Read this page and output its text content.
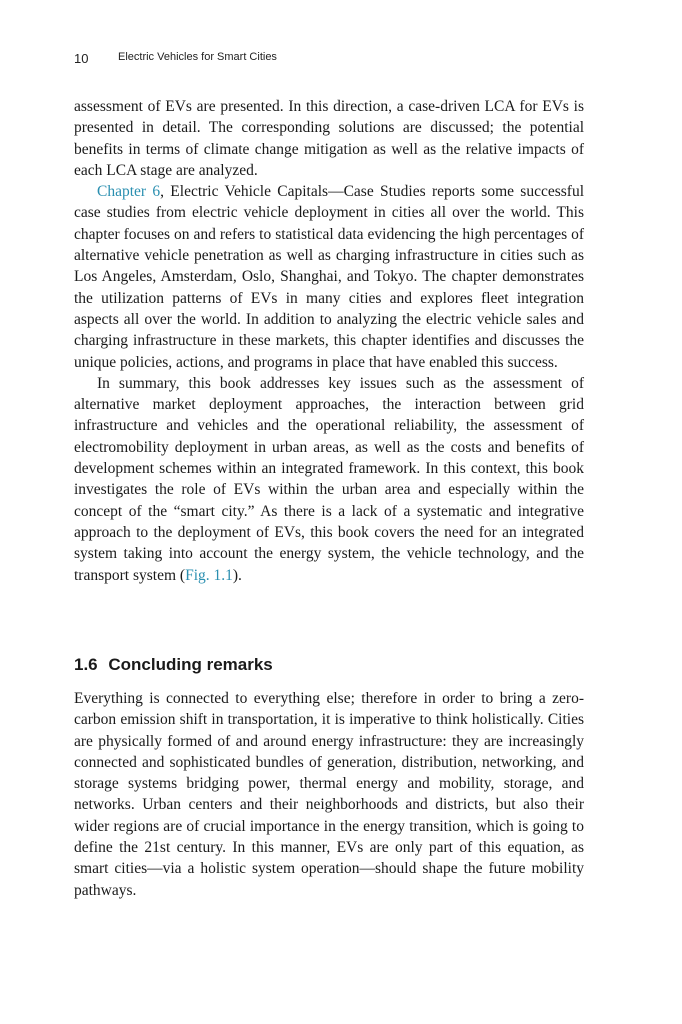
10	Electric Vehicles for Smart Cities

assessment of EVs are presented. In this direction, a case-driven LCA for EVs is presented in detail. The corresponding solutions are discussed; the potential benefits in terms of climate change mitigation as well as the relative impacts of each LCA stage are analyzed.

Chapter 6, Electric Vehicle Capitals—Case Studies reports some successful case studies from electric vehicle deployment in cities all over the world. This chapter focuses on and refers to statistical data evidencing the high percentages of alternative vehicle penetration as well as charging infrastructure in cities such as Los Angeles, Amsterdam, Oslo, Shanghai, and Tokyo. The chapter demonstrates the utilization patterns of EVs in many cities and explores fleet integration aspects all over the world. In addition to analyzing the electric vehicle sales and charging infrastructure in these markets, this chapter identifies and discusses the unique policies, actions, and programs in place that have enabled this success.

In summary, this book addresses key issues such as the assessment of alternative market deployment approaches, the interaction between grid infrastructure and vehicles and the operational reliability, the assessment of electromobility deployment in urban areas, as well as the costs and benefits of development schemes within an integrated framework. In this context, this book investigates the role of EVs within the urban area and especially within the concept of the “smart city.” As there is a lack of a systematic and integrative approach to the deployment of EVs, this book covers the need for an integrated system taking into account the energy system, the vehicle technology, and the transport system (Fig. 1.1).

1.6 Concluding remarks

Everything is connected to everything else; therefore in order to bring a zero-carbon emission shift in transportation, it is imperative to think holistically. Cities are physically formed of and around energy infrastructure: they are increasingly connected and sophisticated bundles of generation, distribution, networking, and storage systems bridging power, thermal energy and mobility, storage, and networks. Urban centers and their neighborhoods and districts, but also their wider regions are of crucial importance in the energy transition, which is going to define the 21st century. In this manner, EVs are only part of this equation, as smart cities—via a holistic system operation—should shape the future mobility pathways.
